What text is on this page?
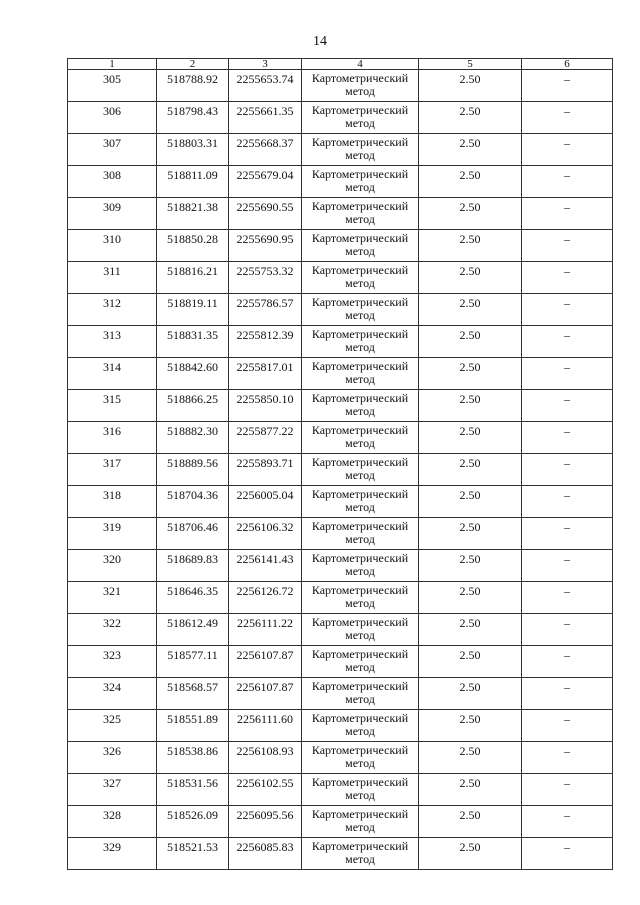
14
1	2	3	4	5	6
305	518788.92	2255653.74	Картометрический метод	2.50	–
306	518798.43	2255661.35	Картометрический метод	2.50	–
307	518803.31	2255668.37	Картометрический метод	2.50	–
308	518811.09	2255679.04	Картометрический метод	2.50	–
309	518821.38	2255690.55	Картометрический метод	2.50	–
310	518850.28	2255690.95	Картометрический метод	2.50	–
311	518816.21	2255753.32	Картометрический метод	2.50	–
312	518819.11	2255786.57	Картометрический метод	2.50	–
313	518831.35	2255812.39	Картометрический метод	2.50	–
314	518842.60	2255817.01	Картометрический метод	2.50	–
315	518866.25	2255850.10	Картометрический метод	2.50	–
316	518882.30	2255877.22	Картометрический метод	2.50	–
317	518889.56	2255893.71	Картометрический метод	2.50	–
318	518704.36	2256005.04	Картометрический метод	2.50	–
319	518706.46	2256106.32	Картометрический метод	2.50	–
320	518689.83	2256141.43	Картометрический метод	2.50	–
321	518646.35	2256126.72	Картометрический метод	2.50	–
322	518612.49	2256111.22	Картометрический метод	2.50	–
323	518577.11	2256107.87	Картометрический метод	2.50	–
324	518568.57	2256107.87	Картометрический метод	2.50	–
325	518551.89	2256111.60	Картометрический метод	2.50	–
326	518538.86	2256108.93	Картометрический метод	2.50	–
327	518531.56	2256102.55	Картометрический метод	2.50	–
328	518526.09	2256095.56	Картометрический метод	2.50	–
329	518521.53	2256085.83	Картометрический метод	2.50	–
